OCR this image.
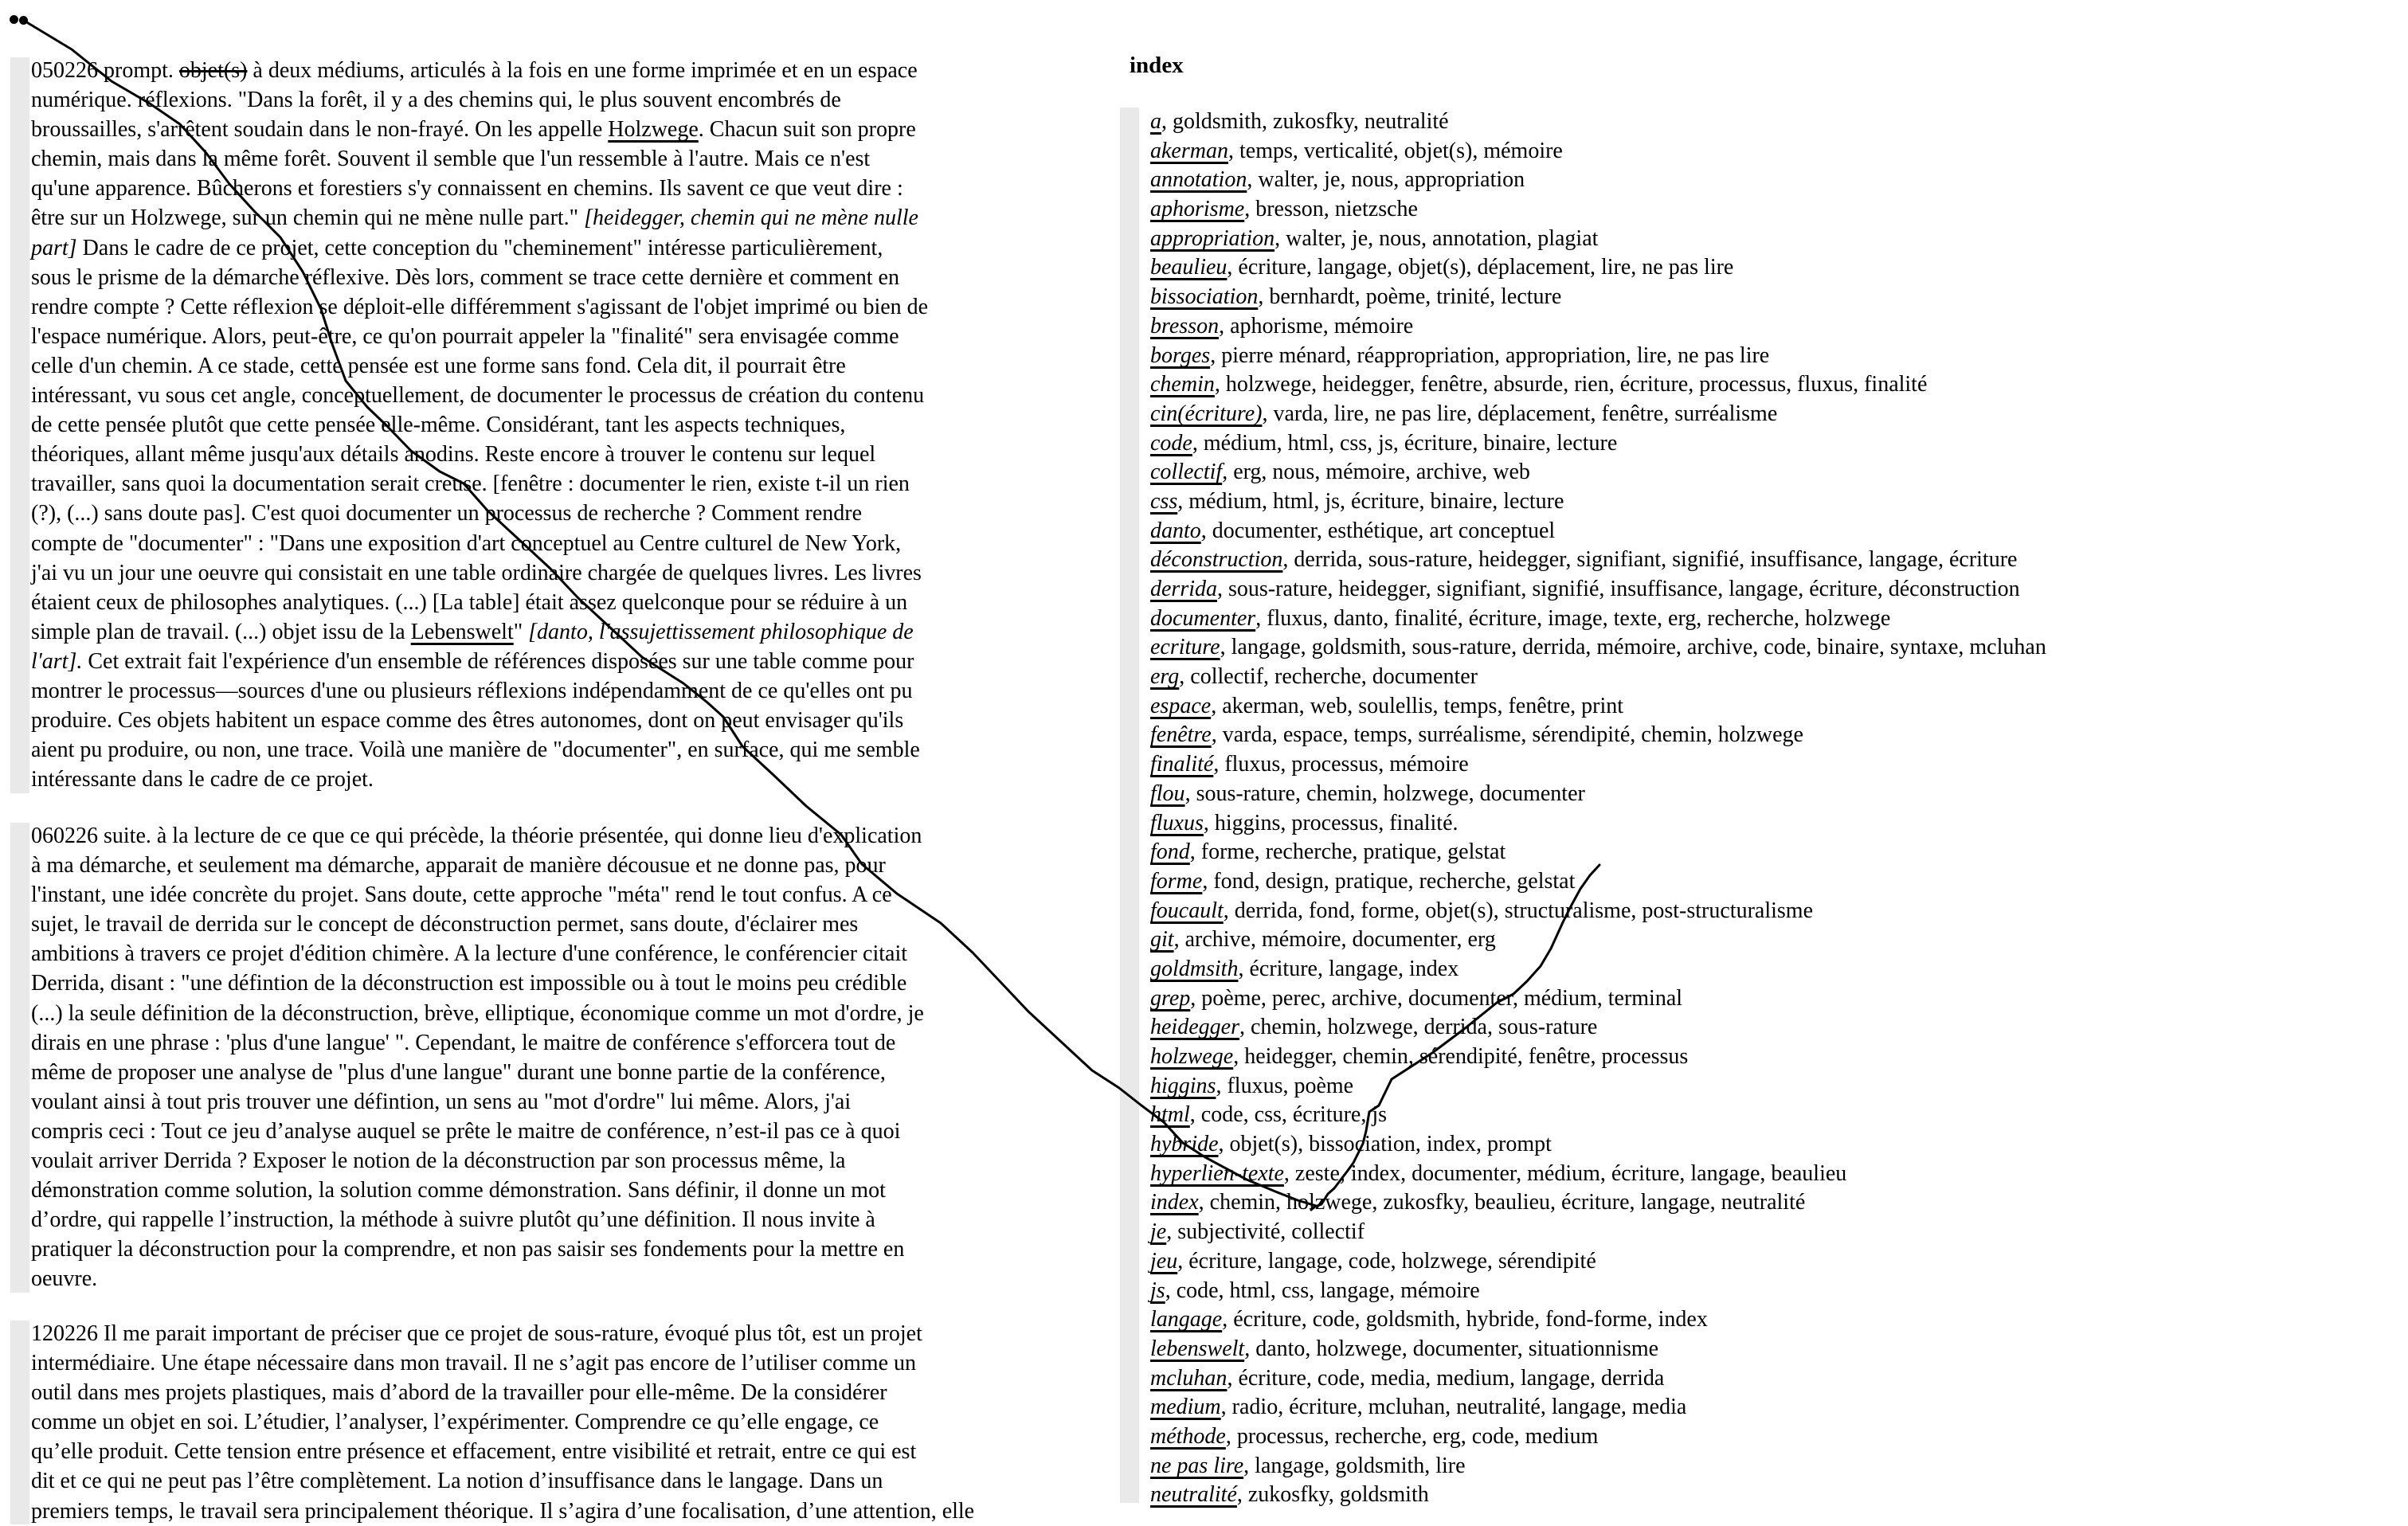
index
a, goldsmith, zukosfky, neutralité
akerman, temps, verticalité, objet(s), mémoire
annotation, walter, je, nous, appropriation
aphorisme, bresson, nietzsche
appropriation, walter, je, nous, annotation, plagiat
beaulieu, écriture, langage, objet(s), déplacement, lire, ne pas lire
bissociation, bernhardt, poème, trinité, lecture
bresson, aphorisme, mémoire
borges, pierre ménard, réappropriation, appropriation, lire, ne pas lire
chemin, holzwege, heidegger, fenêtre, absurde, rien, écriture, processus, fluxus, finalité
cin(écriture), varda, lire, ne pas lire, déplacement, fenêtre, surréalisme
code, médium, html, css, js, écriture, binaire, lecture
collectif, erg, nous, mémoire, archive, web
css, médium, html, js, écriture, binaire, lecture
danto, documenter, esthétique, art conceptuel
déconstruction, derrida, sous-rature, heidegger, signifiant, signifié, insuffisance, langage, écriture
derrida, sous-rature, heidegger, signifiant, signifié, insuffisance, langage, écriture, déconstruction
documenter, fluxus, danto, finalité, écriture, image, texte, erg, recherche, holzwege
ecriture, langage, goldsmith, sous-rature, derrida, mémoire, archive, code, binaire, syntaxe, mcluhan
erg, collectif, recherche, documenter
espace, akerman, web, soulellis, temps, fenêtre, print
fenêtre, varda, espace, temps, surréalisme, sérendipité, chemin, holzwege
finalité, fluxus, processus, mémoire
flou, sous-rature, chemin, holzwege, documenter
fluxus, higgins, processus, finalité.
fond, forme, recherche, pratique, gelstat
forme, fond, design, pratique, recherche, gelstat
foucault, derrida, fond, forme, objet(s), structuralisme, post-structuralisme
git, archive, mémoire, documenter, erg
goldmsith, écriture, langage, index
grep, poème, perec, archive, documenter, médium, terminal
heidegger, chemin, holzwege, derrida, sous-rature
holzwege, heidegger, chemin, sérendipité, fenêtre, processus
higgins, fluxus, poème
html, code, css, écriture, js
hybride, objet(s), bissociation, index, prompt
hyperlien-texte, zeste, index, documenter, médium, écriture, langage, beaulieu
index, chemin, holzwege, zukosfky, beaulieu, écriture, langage, neutralité
je, subjectivité, collectif
jeu, écriture, langage, code, holzwege, sérendipité
js, code, html, css, langage, mémoire
langage, écriture, code, goldsmith, hybride, fond-forme, index
lebenswelt, danto, holzwege, documenter, situationnisme
mcluhan, écriture, code, media, medium, langage, derrida
medium, radio, écriture, mcluhan, neutralité, langage, media
méthode, processus, recherche, erg, code, medium
ne pas lire, langage, goldsmith, lire
neutralité, zukosfky, goldsmith
050226 prompt. objet(s) à deux médiums, articulés à la fois en une forme imprimée et en un espace
numérique. réflexions. "Dans la forêt, il y a des chemins qui, le plus souvent encombrés de
broussailles, s'arrêtent soudain dans le non-frayé. On les appelle Holzwege. Chacun suit son propre
chemin, mais dans la même forêt. Souvent il semble que l'un ressemble à l'autre. Mais ce n'est
qu'une apparence. Bûcherons et forestiers s'y connaissent en chemins. Ils savent ce que veut dire :
être sur un Holzwege, sur un chemin qui ne mène nulle part." [heidegger, chemin qui ne mène nulle
part] Dans le cadre de ce projet, cette conception du "cheminement" intéresse particulièrement,
sous le prisme de la démarche réflexive. Dès lors, comment se trace cette dernière et comment en
rendre compte ? Cette réflexion se déploit-elle différemment s'agissant de l'objet imprimé ou bien de
l'espace numérique. Alors, peut-être, ce qu'on pourrait appeler la "finalité" sera envisagée comme
celle d'un chemin. A ce stade, cette pensée est une forme sans fond. Cela dit, il pourrait être
intéressant, vu sous cet angle, conceptuellement, de documenter le processus de création du contenu
de cette pensée plutôt que cette pensée elle-même. Considérant, tant les aspects techniques,
théoriques, allant même jusqu'aux détails anodins. Reste encore à trouver le contenu sur lequel
travailler, sans quoi la documentation serait creuse. [fenêtre : documenter le rien, existe t-il un rien
(?), (...) sans doute pas]. C'est quoi documenter un processus de recherche ? Comment rendre
compte de "documenter" : "Dans une exposition d'art conceptuel au Centre culturel de New York,
j'ai vu un jour une oeuvre qui consistait en une table ordinaire chargée de quelques livres. Les livres
étaient ceux de philosophes analytiques. (...) [La table] était assez quelconque pour se réduire à un
simple plan de travail. (...) objet issu de la Lebenswelt" [danto, l'assujettissement philosophique de
l'art]. Cet extrait fait l'expérience d'un ensemble de références disposées sur une table comme pour
montrer le processus—sources d'une ou plusieurs réflexions indépendamment de ce qu'elles ont pu
produire. Ces objets habitent un espace comme des êtres autonomes, dont on peut envisager qu'ils
aient pu produire, ou non, une trace. Voilà une manière de "documenter", en surface, qui me semble
intéressante dans le cadre de ce projet.
060226 suite. à la lecture de ce que ce qui précède, la théorie présentée, qui donne lieu d'explication
à ma démarche, et seulement ma démarche, apparait de manière décousue et ne donne pas, pour
l'instant, une idée concrète du projet. Sans doute, cette approche "méta" rend le tout confus. A ce
sujet, le travail de derrida sur le concept de déconstruction permet, sans doute, d'éclairer mes
ambitions à travers ce projet d'édition chimère. A la lecture d'une conférence, le conférencier citait
Derrida, disant : "une défintion de la déconstruction est impossible ou à tout le moins peu crédible
(...) la seule définition de la déconstruction, brève, elliptique, économique comme un mot d'ordre, je
dirais en une phrase : 'plus d'une langue' ". Cependant, le maitre de conférence s'efforcera tout de
même de proposer une analyse de "plus d'une langue" durant une bonne partie de la conférence,
voulant ainsi à tout pris trouver une défintion, un sens au "mot d'ordre" lui même. Alors, j'ai
compris ceci : Tout ce jeu d’analyse auquel se prête le maitre de conférence, n’est-il pas ce à quoi
voulait arriver Derrida ? Exposer le notion de la déconstruction par son processus même, la
démonstration comme solution, la solution comme démonstration. Sans définir, il donne un mot
d’ordre, qui rappelle l’instruction, la méthode à suivre plutôt qu’une définition. Il nous invite à
pratiquer la déconstruction pour la comprendre, et non pas saisir ses fondements pour la mettre en
oeuvre.
120226 Il me parait important de préciser que ce projet de sous-rature, évoqué plus tôt, est un projet
intermédiaire. Une étape nécessaire dans mon travail. Il ne s’agit pas encore de l’utiliser comme un
outil dans mes projets plastiques, mais d’abord de la travailler pour elle-même. De la considérer
comme un objet en soi. L’étudier, l’analyser, l’expérimenter. Comprendre ce qu’elle engage, ce
qu’elle produit. Cette tension entre présence et effacement, entre visibilité et retrait, entre ce qui est
dit et ce qui ne peut pas l’être complètement. La notion d’insuffisance dans le langage. Dans un
premiers temps, le travail sera principalement théorique. Il s’agira d’une focalisation, d’une attention, elle
